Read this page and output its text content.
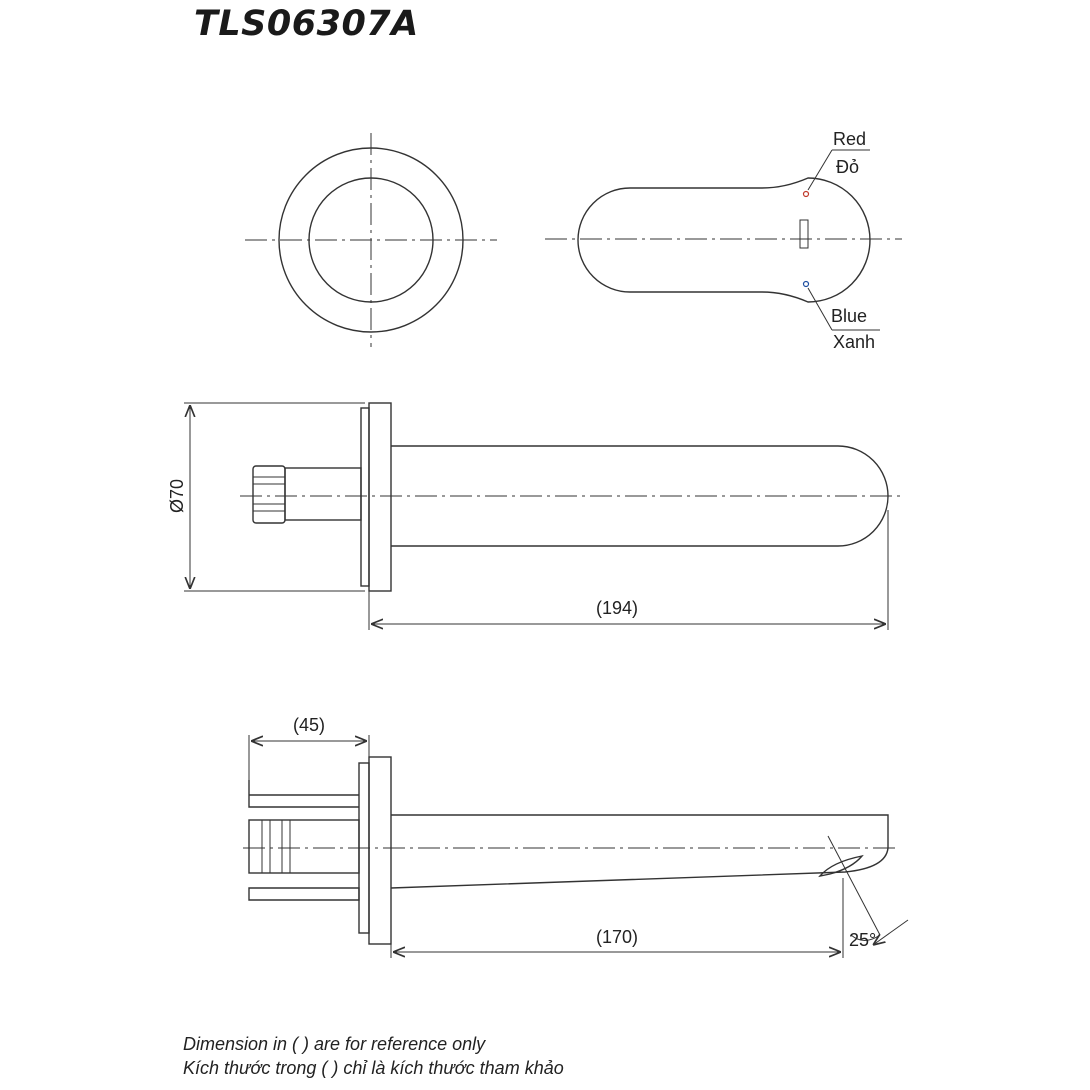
TLS06307A
Red
Đỏ
Blue
Xanh
Ø70
(194)
(45)
(170)	25°
Dimension in ( ) are for reference only
Kích thước trong ( ) chỉ là kích thước tham khảo
